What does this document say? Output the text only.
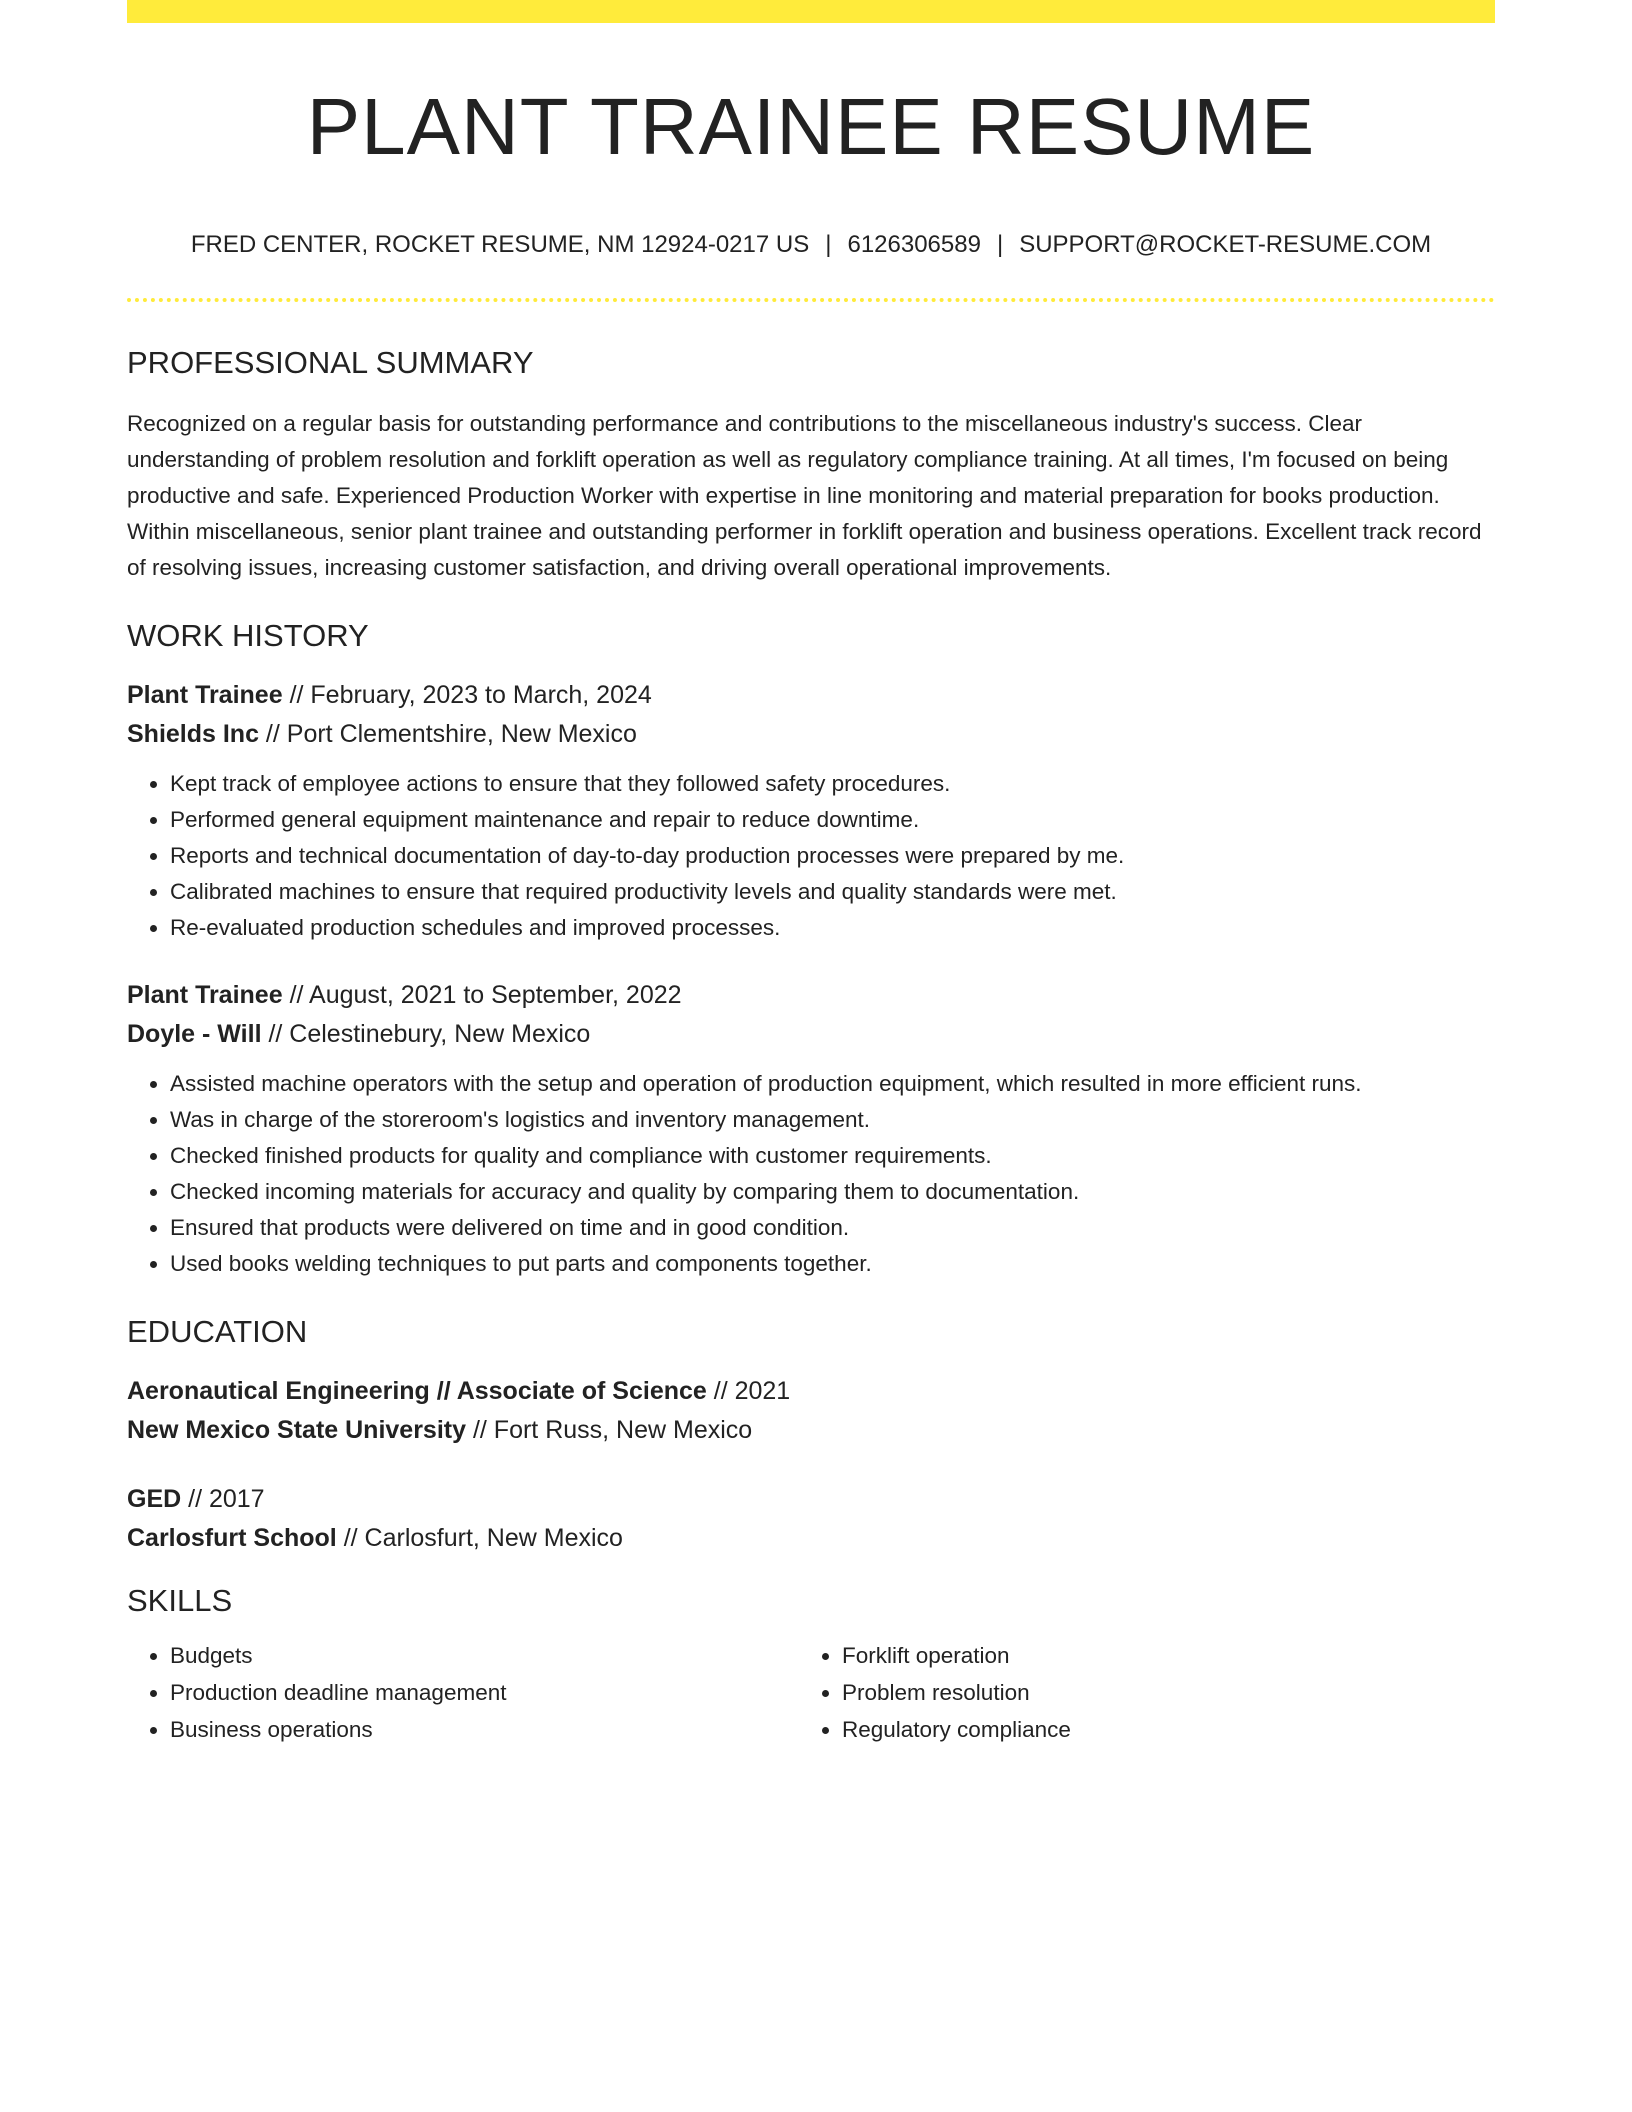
PLANT TRAINEE RESUME
FRED CENTER, ROCKET RESUME, NM 12924-0217 US | 6126306589 | SUPPORT@ROCKET-RESUME.COM
PROFESSIONAL SUMMARY

Recognized on a regular basis for outstanding performance and contributions to the miscellaneous industry's success. Clear understanding of problem resolution and forklift operation as well as regulatory compliance training. At all times, I'm focused on being productive and safe. Experienced Production Worker with expertise in line monitoring and material preparation for books production. Within miscellaneous, senior plant trainee and outstanding performer in forklift operation and business operations. Excellent track record of resolving issues, increasing customer satisfaction, and driving overall operational improvements.

WORK HISTORY

Plant Trainee // February, 2023 to March, 2024

Shields Inc // Port Clementshire, New Mexico

• Kept track of employee actions to ensure that they followed safety procedures.
• Performed general equipment maintenance and repair to reduce downtime.
• Reports and technical documentation of day-to-day production processes were prepared by me.
• Calibrated machines to ensure that required productivity levels and quality standards were met.
• Re-evaluated production schedules and improved processes.

Plant Trainee // August, 2021 to September, 2022

Doyle - Will // Celestinebury, New Mexico

• Assisted machine operators with the setup and operation of production equipment, which resulted in more efficient runs.
• Was in charge of the storeroom's logistics and inventory management.
• Checked finished products for quality and compliance with customer requirements.
• Checked incoming materials for accuracy and quality by comparing them to documentation.
• Ensured that products were delivered on time and in good condition.
• Used books welding techniques to put parts and components together.
EDUCATION

Aeronautical Engineering // Associate of Science // 2021

New Mexico State University // Fort Russ, New Mexico

GED // 2017

Carlosfurt School // Carlosfurt, New Mexico

SKILLS
• Budgets
• Production deadline management
• Business operations
• Forklift operation
• Problem resolution
• Regulatory compliance
